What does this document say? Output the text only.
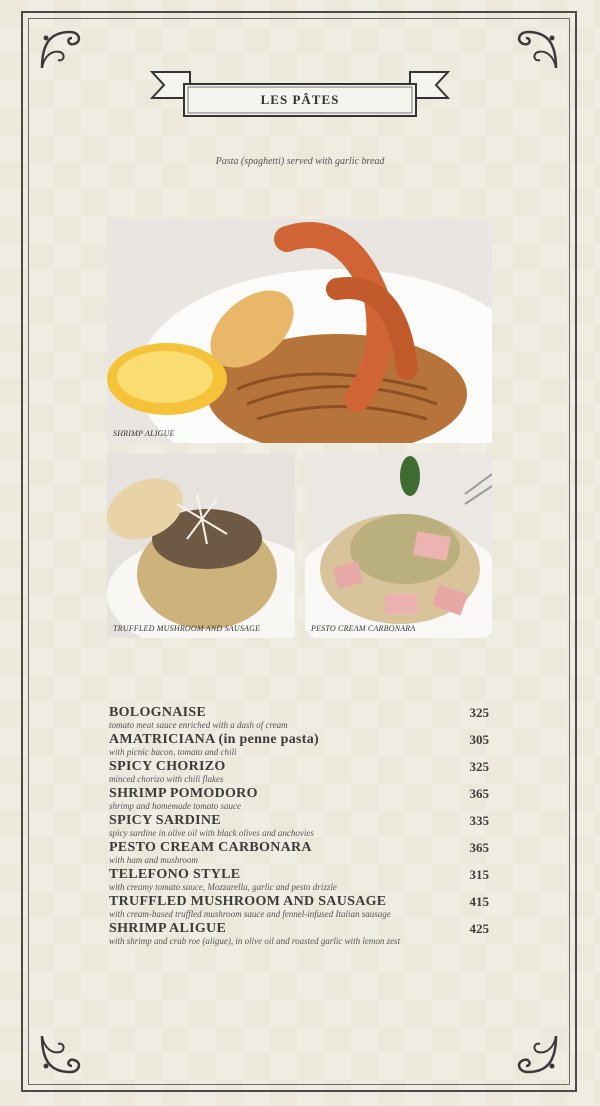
LES PÂTES
Pasta (spaghetti) served with garlic bread
SHRIMP ALIGUE
TRUFFLED MUSHROOM AND SAUSAGE	PESTO CREAM CARBONARA
BOLOGNAISE
tomato meat sauce enriched with a dash of cream
325
AMATRICIANA (in penne pasta)
with picnic bacon, tomato and chili
305
SPICY CHORIZO
minced chorizo with chili flakes
325
SHRIMP POMODORO
shrimp and homemade tomato sauce
365
SPICY SARDINE
spicy sardine in olive oil with black olives and anchovies
335
PESTO CREAM CARBONARA
with ham and mushroom
365
TELEFONO STYLE
with creamy tomato sauce, Mozzarella, garlic and pesto drizzle
315
TRUFFLED MUSHROOM AND SAUSAGE
with cream-based truffled mushroom sauce and fennel-infused Italian sausage
415
SHRIMP ALIGUE
with shrimp and crab roe (aligue), in olive oil and roasted garlic with lemon zest
425
